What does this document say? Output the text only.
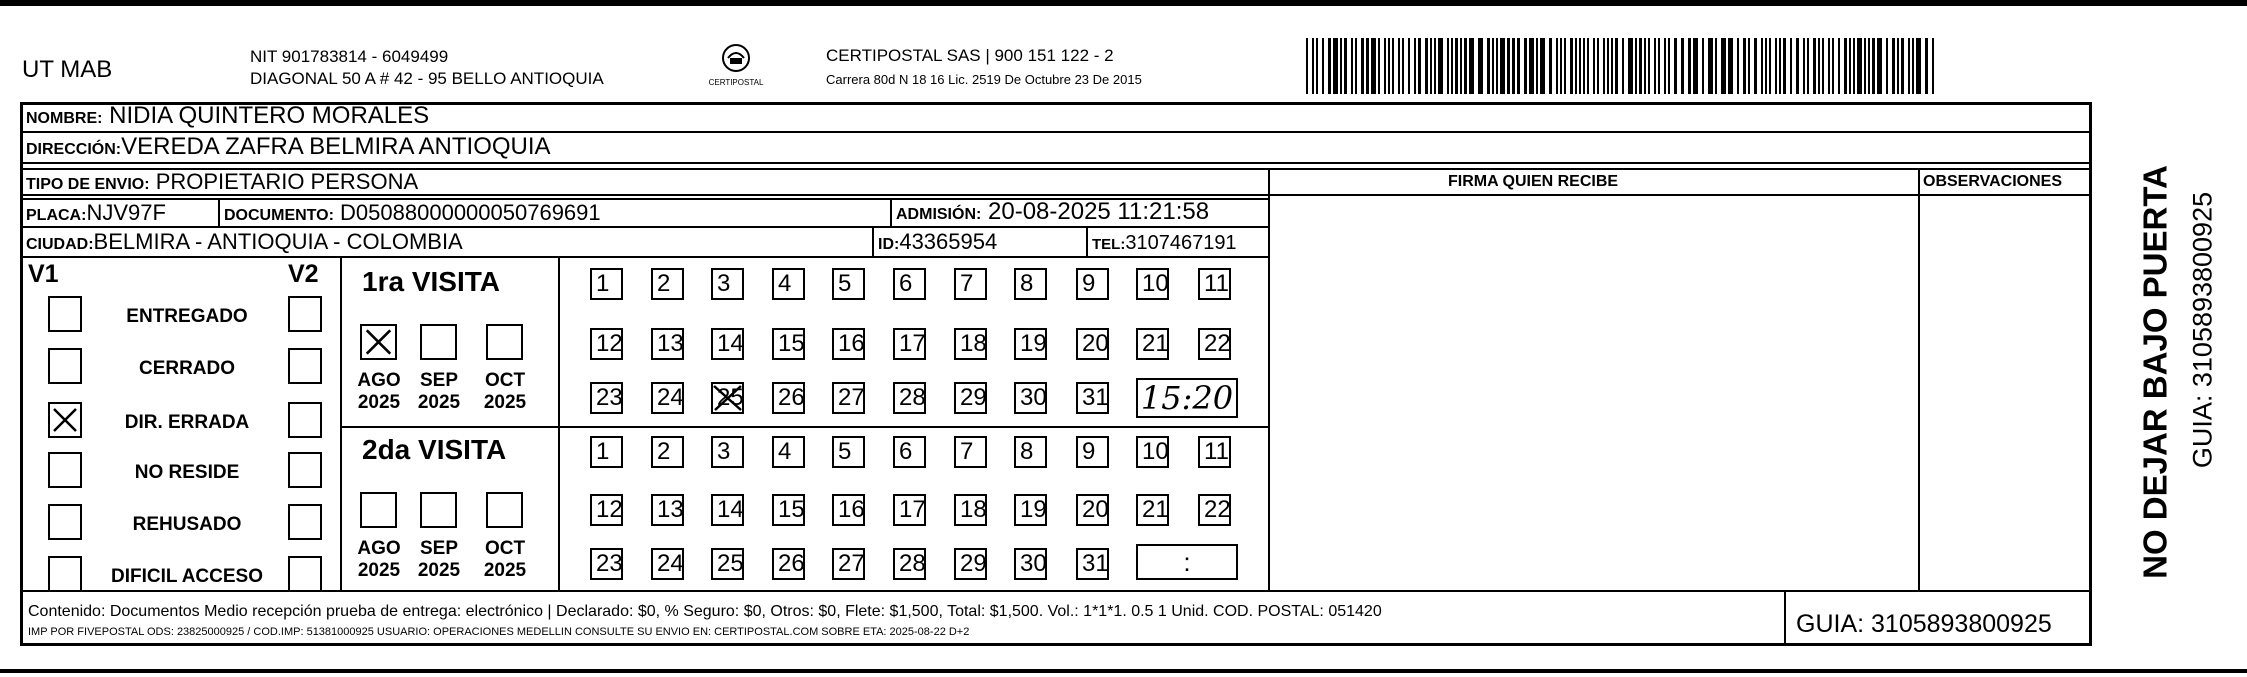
UT MAB	NIT 901783814 - 6049499
DIAGONAL 50 A # 42 - 95 BELLO ANTIOQUIA	CERTIPOSTAL
CERTIPOSTAL SAS | 900 151 122 - 2
Carrera 80d N 18 16 Lic. 2519 De Octubre 23 De 2015
NOMBRE: NIDIA QUINTERO MORALES
DIRECCIÓN:VEREDA ZAFRA BELMIRA ANTIOQUIA
TIPO DE ENVIO: PROPIETARIO PERSONA
PLACA:NJV97F	DOCUMENTO: D05088000000050769691	ADMISIÓN: 20-08-2025 11:21:58
CIUDAD:BELMIRA - ANTIOQUIA - COLOMBIA	ID:43365954	TEL:3107467191
FIRMA QUIEN RECIBE	OBSERVACIONES
V1	V2
ENTREGADO
CERRADO
DIR. ERRADA
NO RESIDE
REHUSADO
DIFICIL ACCESO
1ra VISITA
AGO
2025
SEP
2025
OCT
2025
1	2	3	4	5	6	7	8	9	10 11
12 13 14 15 16 17 18 19 20 21 22
23 24 25 26 27 28 29 30 31 15:20
2da VISITA
AGO
2025
SEP
2025
OCT
2025
1	2	3	4	5	6	7	8	9	10 11
12 13 14 15 16 17 18 19 20 21 22
23 24 25 26 27 28 29 30 31	:
Contenido: Documentos Medio recepción prueba de entrega: electrónico | Declarado: $0, % Seguro: $0, Otros: $0, Flete: $1,500, Total: $1,500. Vol.: 1*1*1. 0.5 1 Unid. COD. POSTAL: 051420
IMP POR FIVEPOSTAL ODS: 23825000925 / COD.IMP: 51381000925 USUARIO: OPERACIONES MEDELLIN CONSULTE SU ENVIO EN: CERTIPOSTAL.COM SOBRE ETA: 2025-08-22 D+2	GUIA: 3105893800925
NO DEJAR BAJO PUERTA GUIA: 3105893800925
